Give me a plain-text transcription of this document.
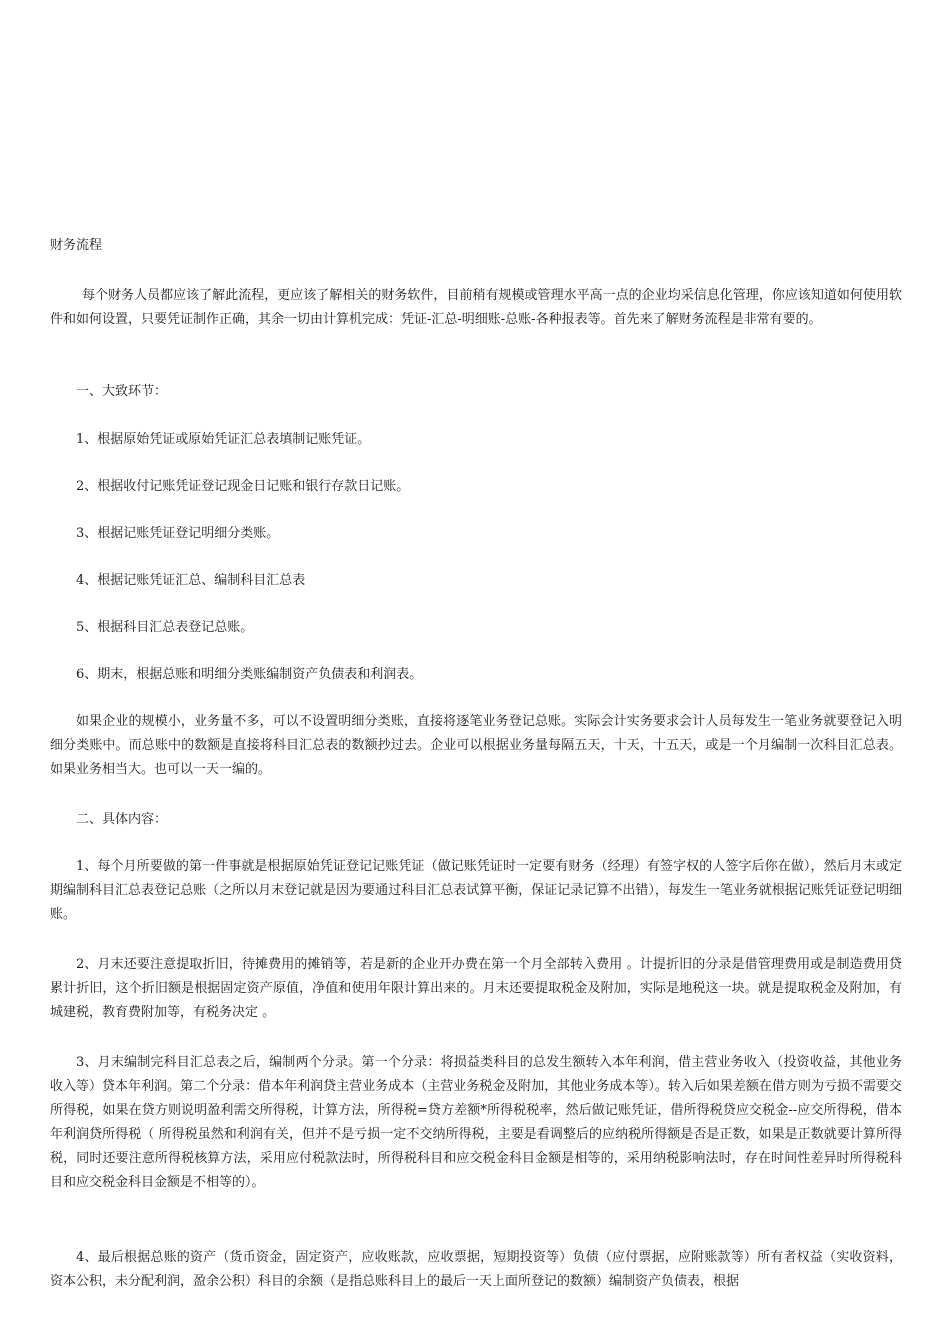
财务流程

每个财务人员都应该了解此流程，更应该了解相关的财务软件，目前稍有规模或管理水平高一点的企业均采信息化管理，你应该知道如何使用软件和如何设置，只要凭证制作正确，其余一切由计算机完成：凭证-汇总-明细账-总账-各种报表等。首先来了解财务流程是非常有要的。

一、大致环节：

1、根据原始凭证或原始凭证汇总表填制记账凭证。

2、根据收付记账凭证登记现金日记账和银行存款日记账。

3、根据记账凭证登记明细分类账。

4、根据记账凭证汇总、编制科目汇总表

5、根据科目汇总表登记总账。

6、期末，根据总账和明细分类账编制资产负债表和利润表。

如果企业的规模小，业务量不多，可以不设置明细分类账，直接将逐笔业务登记总账。实际会计实务要求会计人员每发生一笔业务就要登记入明细分类账中。而总账中的数额是直接将科目汇总表的数额抄过去。企业可以根据业务量每隔五天，十天，十五天，或是一个月编制一次科目汇总表。如果业务相当大。也可以一天一编的。

二、具体内容：

1、每个月所要做的第一件事就是根据原始凭证登记记账凭证（做记账凭证时一定要有财务（经理）有签字权的人签字后你在做），然后月末或定期编制科目汇总表登记总账（之所以月末登记就是因为要通过科目汇总表试算平衡，保证记录记算不出错），每发生一笔业务就根据记账凭证登记明细账。

2、月末还要注意提取折旧，待摊费用的摊销等，若是新的企业开办费在第一个月全部转入费用 。计提折旧的分录是借管理费用或是制造费用贷累计折旧，这个折旧额是根据固定资产原值，净值和使用年限计算出来的。月末还要提取税金及附加，实际是地税这一块。就是提取税金及附加，有城建税，教育费附加等，有税务决定 。

3、月末编制完科目汇总表之后，编制两个分录。第一个分录：将损益类科目的总发生额转入本年利润，借主营业务收入（投资收益，其他业务收入等）贷本年利润。第二个分录：借本年利润贷主营业务成本（主营业务税金及附加，其他业务成本等）。转入后如果差额在借方则为亏损不需要交所得税，如果在贷方则说明盈利需交所得税，计算方法，所得税=贷方差额*所得税税率，然后做记账凭证，借所得税贷应交税金--应交所得税，借本年利润贷所得税（ 所得税虽然和利润有关，但并不是亏损一定不交纳所得税，主要是看调整后的应纳税所得额是否是正数，如果是正数就要计算所得税，同时还要注意所得税核算方法，采用应付税款法时，所得税科目和应交税金科目金额是相等的，采用纳税影响法时，存在时间性差异时所得税科目和应交税金科目金额是不相等的）。

4、最后根据总账的资产（货币资金，固定资产，应收账款，应收票据，短期投资等）负债（应付票据，应附账款等）所有者权益（实收资料，资本公积，未分配利润，盈余公积）科目的余额（是指总账科目上的最后一天上面所登记的数额）编制资产负债表，根据
